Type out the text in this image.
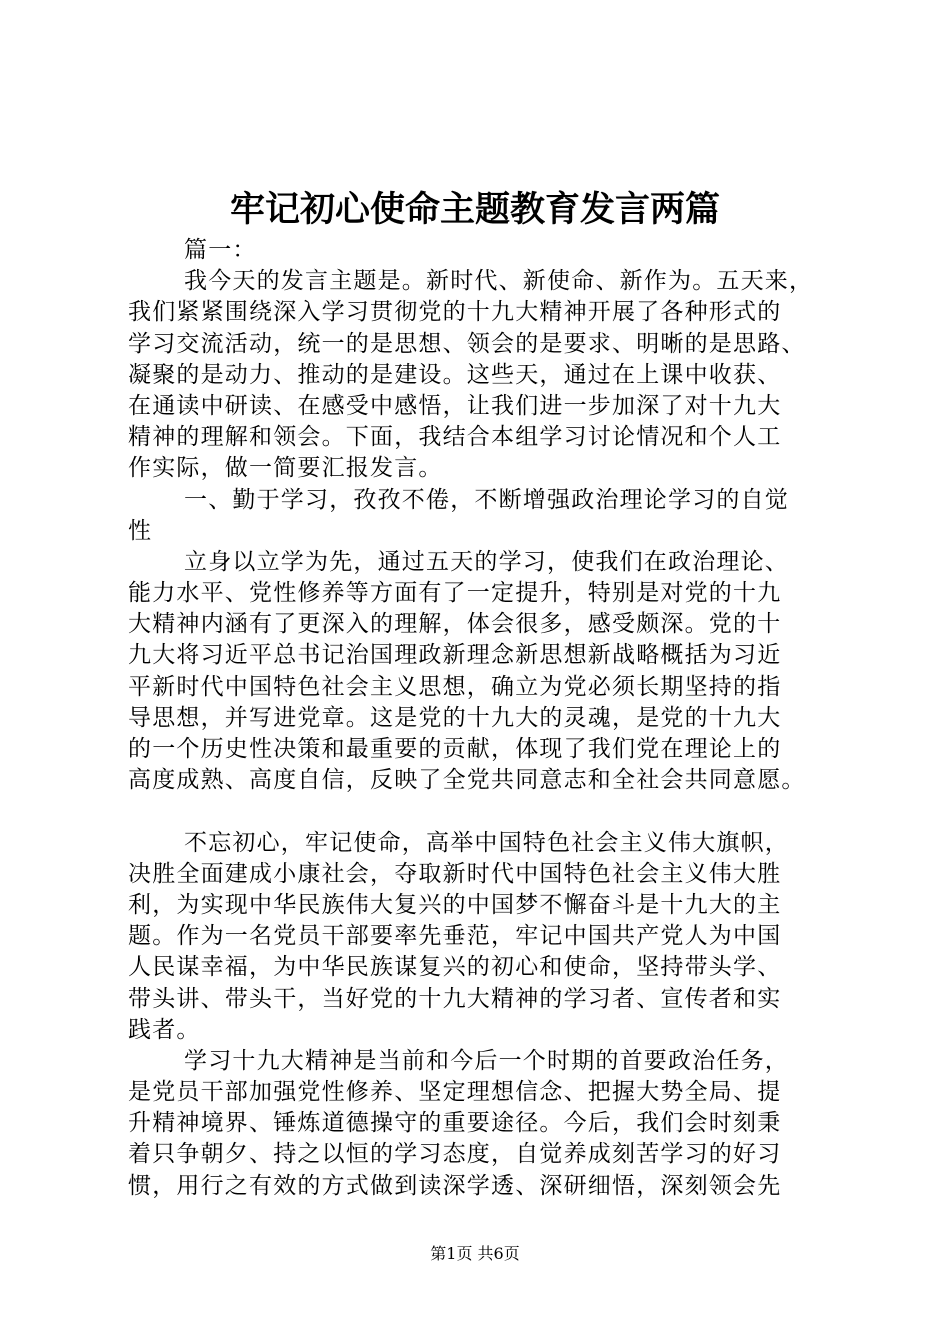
牢记初心使命主题教育发言两篇
篇一：
我今天的发言主题是。新时代、新使命、新作为。五天来，
我们紧紧围绕深入学习贯彻党的十九大精神开展了各种形式的
学习交流活动，统一的是思想、领会的是要求、明晰的是思路、
凝聚的是动力、推动的是建设。这些天，通过在上课中收获、
在通读中研读、在感受中感悟，让我们进一步加深了对十九大
精神的理解和领会。下面，我结合本组学习讨论情况和个人工
作实际，做一简要汇报发言。
一、勤于学习，孜孜不倦，不断增强政治理论学习的自觉
性
立身以立学为先，通过五天的学习，使我们在政治理论、
能力水平、党性修养等方面有了一定提升，特别是对党的十九
大精神内涵有了更深入的理解，体会很多，感受颇深。党的十
九大将习近平总书记治国理政新理念新思想新战略概括为习近
平新时代中国特色社会主义思想，确立为党必须长期坚持的指
导思想，并写进党章。这是党的十九大的灵魂，是党的十九大
的一个历史性决策和最重要的贡献，体现了我们党在理论上的
高度成熟、高度自信，反映了全党共同意志和全社会共同意愿。
不忘初心，牢记使命，高举中国特色社会主义伟大旗帜，
决胜全面建成小康社会，夺取新时代中国特色社会主义伟大胜
利，为实现中华民族伟大复兴的中国梦不懈奋斗是十九大的主
题。作为一名党员干部要率先垂范，牢记中国共产党人为中国
人民谋幸福，为中华民族谋复兴的初心和使命，坚持带头学、
带头讲、带头干，当好党的十九大精神的学习者、宣传者和实
践者。
学习十九大精神是当前和今后一个时期的首要政治任务，
是党员干部加强党性修养、坚定理想信念、把握大势全局、提
升精神境界、锤炼道德操守的重要途径。今后，我们会时刻秉
着只争朝夕、持之以恒的学习态度，自觉养成刻苦学习的好习
惯，用行之有效的方式做到读深学透、深研细悟，深刻领会先
第1页 共6页
